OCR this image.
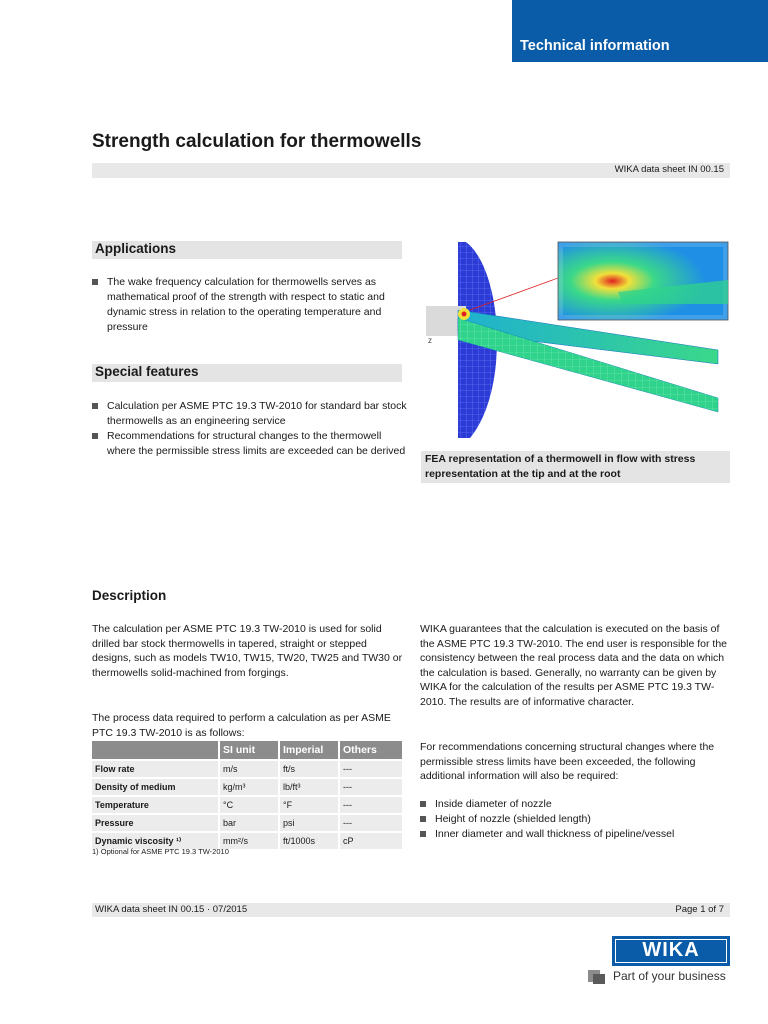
Technical information
Strength calculation for thermowells
WIKA data sheet IN 00.15
Applications
The wake frequency calculation for thermowells serves as mathematical proof of the strength with respect to static and dynamic stress in relation to the operating temperature and pressure
Special features
Calculation per ASME PTC 19.3 TW-2010 for standard bar stock thermowells as an engineering service
Recommendations for structural changes to the thermowell where the permissible stress limits are exceeded can be derived
z
FEA representation of a thermowell in flow with stress representation at the tip and at the root
Description

The calculation per ASME PTC 19.3 TW-2010 is used for solid drilled bar stock thermowells in tapered, straight or stepped designs, such as models TW10, TW15, TW20, TW25 and TW30 or thermowells solid-machined from forgings.

The process data required to perform a calculation as per ASME PTC 19.3 TW-2010 is as follows:

	SI unit	Imperial	Others
Flow rate	m/s	ft/s	---
Density of medium	kg/m³	lb/ft³	---
Temperature	°C	°F	---
Pressure	bar	psi	---
Dynamic viscosity ¹⁾	mm²/s	ft/1000s	cP
1) Optional for ASME PTC 19.3 TW-2010

WIKA guarantees that the calculation is executed on the basis of the ASME PTC 19.3 TW-2010. The end user is responsible for the consistency between the real process data and the data on which the calculation is based. Generally, no warranty can be given by WIKA for the calculation of the results per ASME PTC 19.3 TW-2010. The results are of informative character.

For recommendations concerning structural changes where the permissible stress limits have been exceeded, the following additional information will also be required:

Inside diameter of nozzle
Height of nozzle (shielded length)
Inner diameter and wall thickness of pipeline/vessel
WIKA data sheet IN 00.15 · 07/2015	Page 1 of 7
WIKA
Part of your business
